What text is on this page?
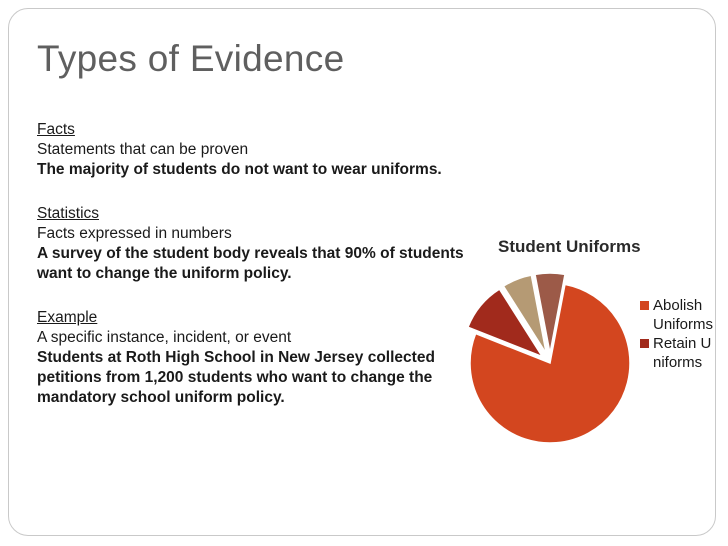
Types of Evidence
Facts
Statements that can be proven
The majority of students do not want to wear uniforms.
Statistics
Facts expressed in numbers
A survey of the student body reveals that 90% of students want to change the uniform policy.
Example
A specific instance, incident, or event
Students at Roth High School in New Jersey collected petitions from 1,200 students who want to change the mandatory school uniform policy.
Student Uniforms
Abolish Uniforms
Retain Uniforms
